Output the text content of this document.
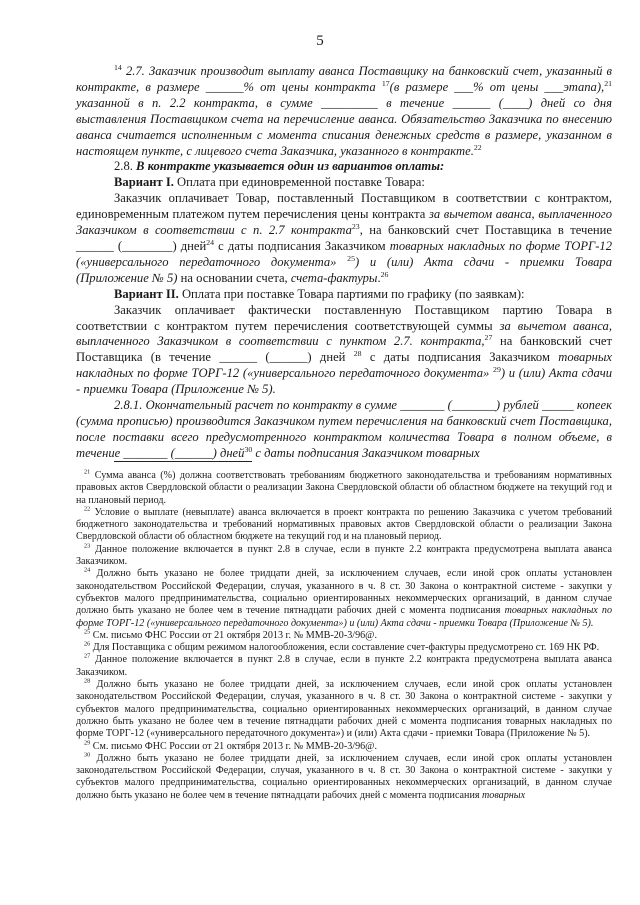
5

$^{14}$ 2.7. Заказчик производит выплату аванса Поставщику на банковский счет, указанный в контракте, в размере ______% от цены контракта $^{17}$(в размере ___% от цены ___этапа),$^{21}$ указанной в п. 2.2 контракта, в сумме _________ в течение ______ (____) дней со дня выставления Поставщиком счета на перечисление аванса. Обязательство Заказчика по внесению аванса считается исполненным с момента списания денежных средств в размере, указанном в настоящем пункте, с лицевого счета Заказчика, указанного в контракте.$^{22}$

2.8. В контракте указывается один из вариантов оплаты:

Вариант I. Оплата при единовременной поставке Товара:

Заказчик оплачивает Товар, поставленный Поставщиком в соответствии с контрактом, единовременным платежом путем перечисления цены контракта за вычетом аванса, выплаченного Заказчиком в соответствии с п. 2.7 контракта$^{23}$, на банковский счет Поставщика в течение ______ (________) дней$^{24}$ с даты подписания Заказчиком товарных накладных по форме ТОРГ-12 («универсального передаточного документа» $^{25}$) и (или) Акта сдачи - приемки Товара (Приложение № 5) на основании счета, счета-фактуры.$^{26}$

Вариант II. Оплата при поставке Товара партиями по графику (по заявкам):

Заказчик оплачивает фактически поставленную Поставщиком партию Товара в соответствии с контрактом путем перечисления соответствующей суммы за вычетом аванса, выплаченного Заказчиком в соответствии с пунктом 2.7. контракта,$^{27}$ на банковский счет Поставщика (в течение ______ (______) дней $^{28}$ с даты подписания Заказчиком товарных накладных по форме ТОРГ-12 («универсального передаточного документа» $^{29}$) и (или) Акта сдачи - приемки Товара (Приложение № 5).

2.8.1. Окончательный расчет по контракту в сумме _______ (_______) рублей _____ копеек (сумма прописью) производится Заказчиком путем перечисления на банковский счет Поставщика, после поставки всего предусмотренного контрактом количества Товара в полном объеме, в течение _______ (______) дней$^{30}$ с даты подписания Заказчиком товарных

$^{21}$ Сумма аванса (%) должна соответствовать требованиям бюджетного законодательства и требованиям нормативных правовых актов Свердловской области о реализации Закона Свердловской области об областном бюджете на текущий год и на плановый период.

$^{22}$ Условие о выплате (невыплате) аванса включается в проект контракта по решению Заказчика с учетом требований бюджетного законодательства и требований нормативных правовых актов Свердловской области о реализации Закона Свердловской области об областном бюджете на текущий год и на плановый период.

$^{23}$ Данное положение включается в пункт 2.8 в случае, если в пункте 2.2 контракта предусмотрена выплата аванса Заказчиком.

$^{24}$ Должно быть указано не более тридцати дней, за исключением случаев, если иной срок оплаты установлен законодательством Российской Федерации, случая, указанного в ч. 8 ст. 30 Закона о контрактной системе - закупки у субъектов малого предпринимательства, социально ориентированных некоммерческих организаций, в данном случае должно быть указано не более чем в течение пятнадцати рабочих дней с момента подписания товарных накладных по форме ТОРГ-12 («универсального передаточного документа») и (или) Акта сдачи - приемки Товара (Приложение № 5).

$^{25}$ См. письмо ФНС России от 21 октября 2013 г. № ММВ-20-3/96@.

$^{26}$ Для Поставщика с общим режимом налогообложения, если составление счет-фактуры предусмотрено ст. 169 НК РФ.

$^{27}$ Данное положение включается в пункт 2.8 в случае, если в пункте 2.2 контракта предусмотрена выплата аванса Заказчиком.

$^{28}$ Должно быть указано не более тридцати дней, за исключением случаев, если иной срок оплаты установлен законодательством Российской Федерации, случая, указанного в ч. 8 ст. 30 Закона о контрактной системе - закупки у субъектов малого предпринимательства, социально ориентированных некоммерческих организаций, в данном случае должно быть указано не более чем в течение пятнадцати рабочих дней с момента подписания товарных накладных по форме ТОРГ-12 («универсального передаточного документа») и (или) Акта сдачи - приемки Товара (Приложение № 5).

$^{29}$ См. письмо ФНС России от 21 октября 2013 г. № ММВ-20-3/96@.

$^{30}$ Должно быть указано не более тридцати дней, за исключением случаев, если иной срок оплаты установлен законодательством Российской Федерации, случая, указанного в ч. 8 ст. 30 Закона о контрактной системе - закупки у субъектов малого предпринимательства, социально ориентированных некоммерческих организаций, в данном случае должно быть указано не более чем в течение пятнадцати рабочих дней с момента подписания товарных
